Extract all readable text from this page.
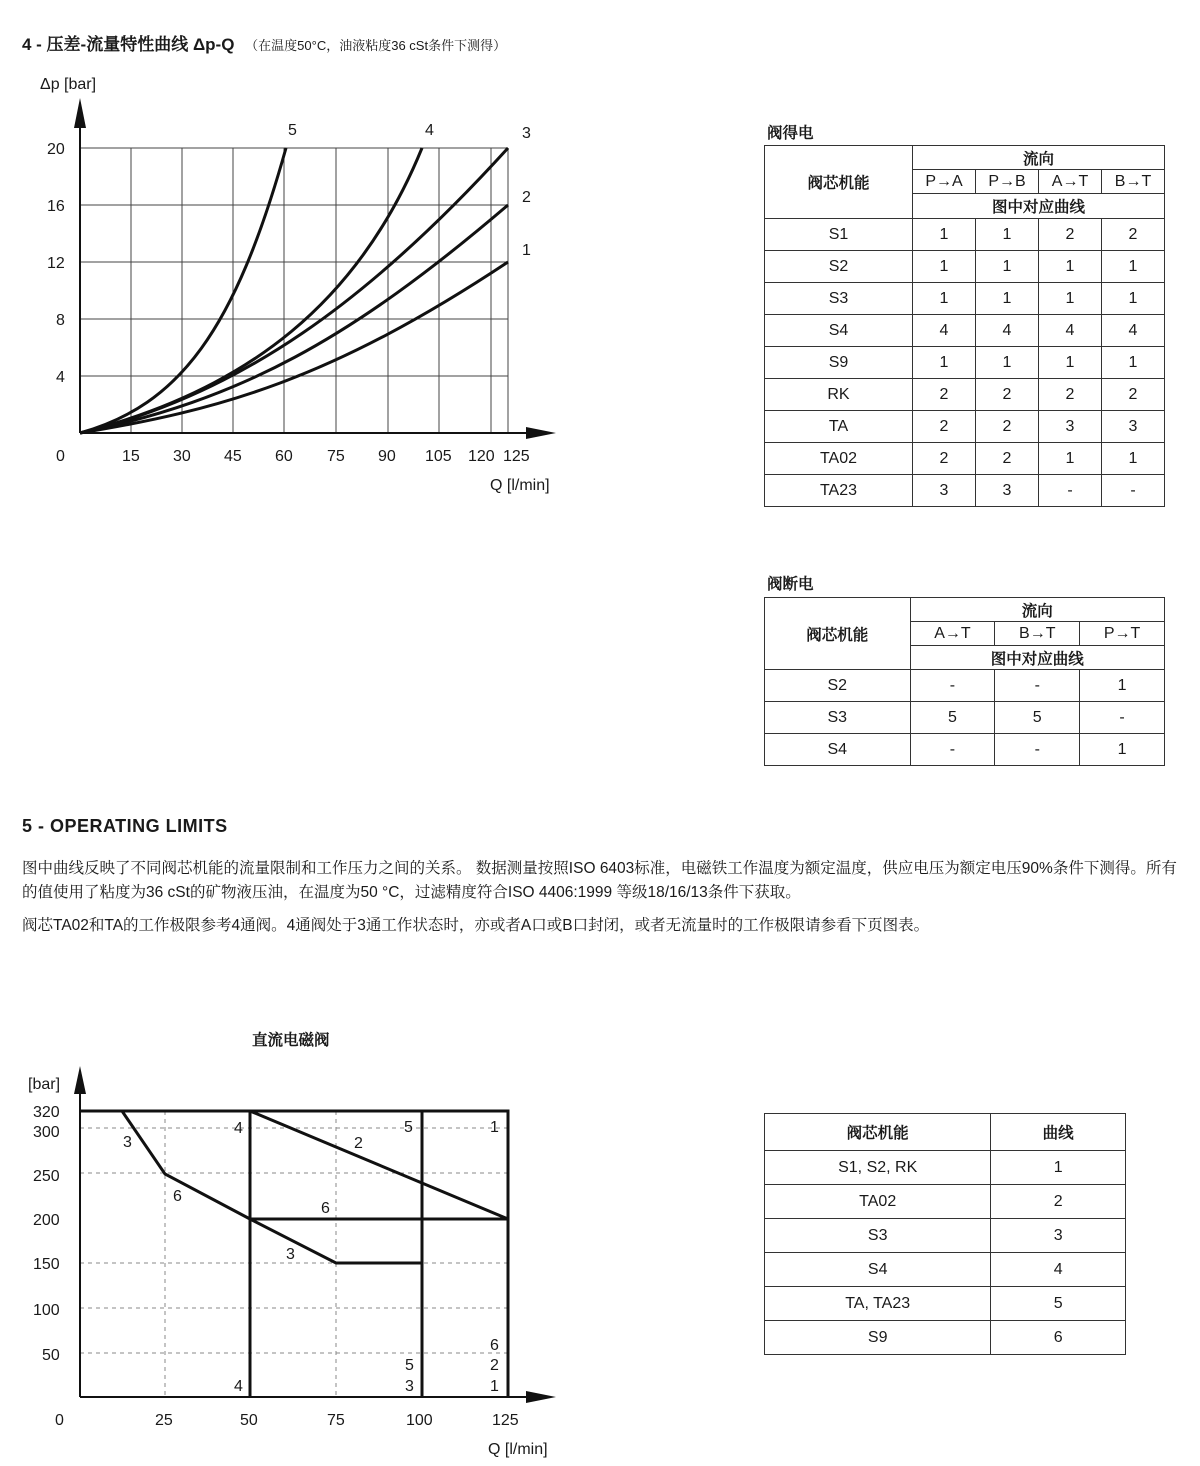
4 - 压差-流量特性曲线 Δp-Q （在温度50°C，油液粘度36 cSt条件下测得）
Δp [bar]
Q [l/min]
0
4
8
12
16
20
15 30 45 60 75 90 105 120 125
1
2
3
4
5	阀得电
阀芯机能	流向			
	P→A	P→B	A→T	B→T
	图中对应曲线			
S1	1	1	2	2
S2	1	1	1	1
S3	1	1	1	1
S4	4	4	4	4
S9	1	1	1	1
RK	2	2	2	2
TA	2	2	3	3
TA02	2	2	1	1
TA23	3	3	-	-
阀断电
阀芯机能	流向		
	A→T	B→T	P→T
	图中对应曲线		
S2	-	-	1
S3	5	5	-
S4	-	-	1
5 - OPERATING LIMITS
图中曲线反映了不同阀芯机能的流量限制和工作压力之间的关系。 数据测量按照ISO 6403标准，电磁铁工作温度为额定温度，供应电压为额定电压90%条件下测得。所有的值使用了粘度为36 cSt的矿物液压油，在温度为50 °C，过滤精度符合ISO 4406:1999 等级18/16/13条件下获取。
阀芯TA02和TA的工作极限参考4通阀。4通阀处于3通工作状态时，亦或者A口或B口封闭，或者无流量时的工作极限请参看下页图表。
直流电磁阀
[bar]
Q [l/min]
320
300
250
200
150
100
50
0	25	50	75	100	125
3
4
2
5	1
6
6
3
6
2
1
5
3
4
阀芯机能	曲线
S1, S2, RK	1
TA02	2
S3	3
S4	4
TA, TA23	5
S9	6
